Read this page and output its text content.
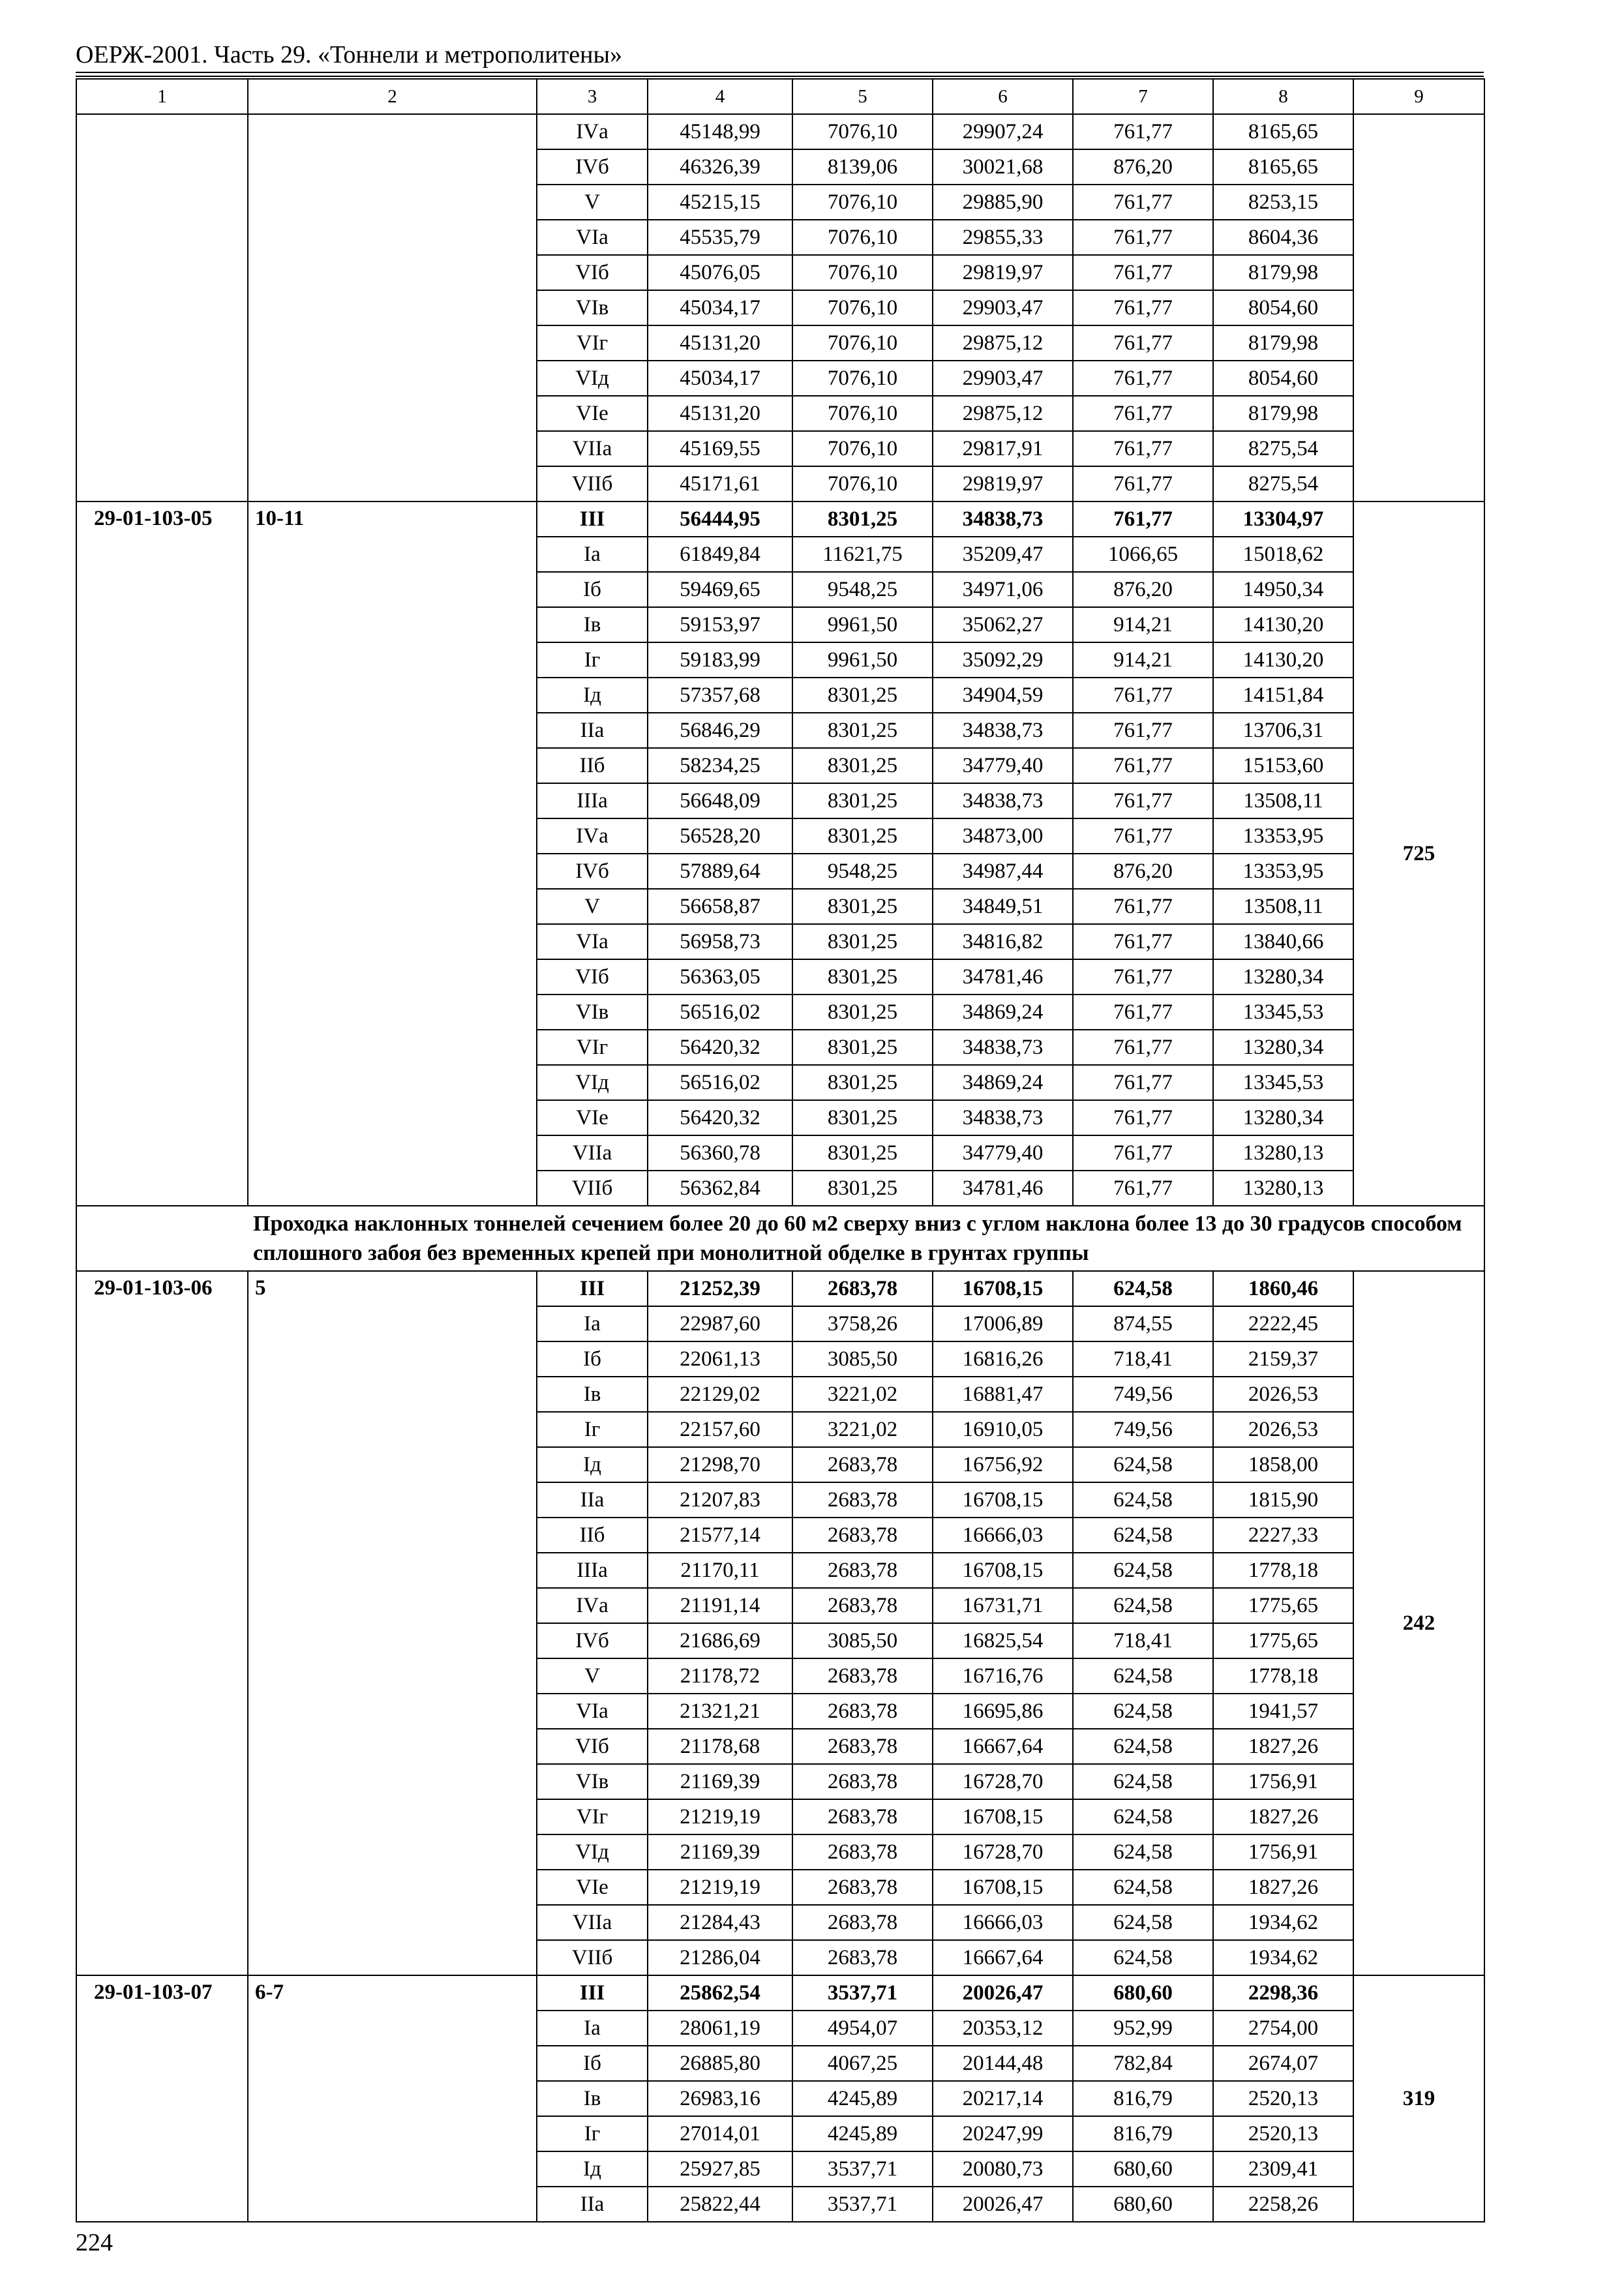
ОЕРЖ-2001. Часть 29. «Тоннели и метрополитены»
1	2	3	4	5	6	7	8	9
		IVа	45148,99	7076,10	29907,24	761,77	8165,65	
		IVб	46326,39	8139,06	30021,68	876,20	8165,65	
		V	45215,15	7076,10	29885,90	761,77	8253,15	
		VIа	45535,79	7076,10	29855,33	761,77	8604,36	
		VIб	45076,05	7076,10	29819,97	761,77	8179,98	
		VIв	45034,17	7076,10	29903,47	761,77	8054,60	
		VIг	45131,20	7076,10	29875,12	761,77	8179,98	
		VIд	45034,17	7076,10	29903,47	761,77	8054,60	
		VIе	45131,20	7076,10	29875,12	761,77	8179,98	
		VIIа	45169,55	7076,10	29817,91	761,77	8275,54	
		VIIб	45171,61	7076,10	29819,97	761,77	8275,54	
29-01-103-05	10-11	III	56444,95	8301,25	34838,73	761,77	13304,97	725
		Iа	61849,84	11621,75	35209,47	1066,65	15018,62	
		Iб	59469,65	9548,25	34971,06	876,20	14950,34	
		Iв	59153,97	9961,50	35062,27	914,21	14130,20	
		Iг	59183,99	9961,50	35092,29	914,21	14130,20	
		Iд	57357,68	8301,25	34904,59	761,77	14151,84	
		IIа	56846,29	8301,25	34838,73	761,77	13706,31	
		IIб	58234,25	8301,25	34779,40	761,77	15153,60	
		IIIа	56648,09	8301,25	34838,73	761,77	13508,11	
		IVа	56528,20	8301,25	34873,00	761,77	13353,95	
		IVб	57889,64	9548,25	34987,44	876,20	13353,95	
		V	56658,87	8301,25	34849,51	761,77	13508,11	
		VIа	56958,73	8301,25	34816,82	761,77	13840,66	
		VIб	56363,05	8301,25	34781,46	761,77	13280,34	
		VIв	56516,02	8301,25	34869,24	761,77	13345,53	
		VIг	56420,32	8301,25	34838,73	761,77	13280,34	
		VIд	56516,02	8301,25	34869,24	761,77	13345,53	
		VIе	56420,32	8301,25	34838,73	761,77	13280,34	
		VIIа	56360,78	8301,25	34779,40	761,77	13280,13	
		VIIб	56362,84	8301,25	34781,46	761,77	13280,13	
	Проходка наклонных тоннелей сечением более 20 до 60 м2 сверху вниз с углом наклона более 13 до 30 градусов способом сплошного забоя без временных крепей при монолитной обделке в грунтах группы							
29-01-103-06	5	III	21252,39	2683,78	16708,15	624,58	1860,46	242
		Iа	22987,60	3758,26	17006,89	874,55	2222,45	
		Iб	22061,13	3085,50	16816,26	718,41	2159,37	
		Iв	22129,02	3221,02	16881,47	749,56	2026,53	
		Iг	22157,60	3221,02	16910,05	749,56	2026,53	
		Iд	21298,70	2683,78	16756,92	624,58	1858,00	
		IIа	21207,83	2683,78	16708,15	624,58	1815,90	
		IIб	21577,14	2683,78	16666,03	624,58	2227,33	
		IIIа	21170,11	2683,78	16708,15	624,58	1778,18	
		IVа	21191,14	2683,78	16731,71	624,58	1775,65	
		IVб	21686,69	3085,50	16825,54	718,41	1775,65	
		V	21178,72	2683,78	16716,76	624,58	1778,18	
		VIа	21321,21	2683,78	16695,86	624,58	1941,57	
		VIб	21178,68	2683,78	16667,64	624,58	1827,26	
		VIв	21169,39	2683,78	16728,70	624,58	1756,91	
		VIг	21219,19	2683,78	16708,15	624,58	1827,26	
		VIд	21169,39	2683,78	16728,70	624,58	1756,91	
		VIе	21219,19	2683,78	16708,15	624,58	1827,26	
		VIIа	21284,43	2683,78	16666,03	624,58	1934,62	
		VIIб	21286,04	2683,78	16667,64	624,58	1934,62	
29-01-103-07	6-7	III	25862,54	3537,71	20026,47	680,60	2298,36	319
		Iа	28061,19	4954,07	20353,12	952,99	2754,00	
		Iб	26885,80	4067,25	20144,48	782,84	2674,07	
		Iв	26983,16	4245,89	20217,14	816,79	2520,13	
		Iг	27014,01	4245,89	20247,99	816,79	2520,13	
		Iд	25927,85	3537,71	20080,73	680,60	2309,41	
		IIа	25822,44	3537,71	20026,47	680,60	2258,26	
224
